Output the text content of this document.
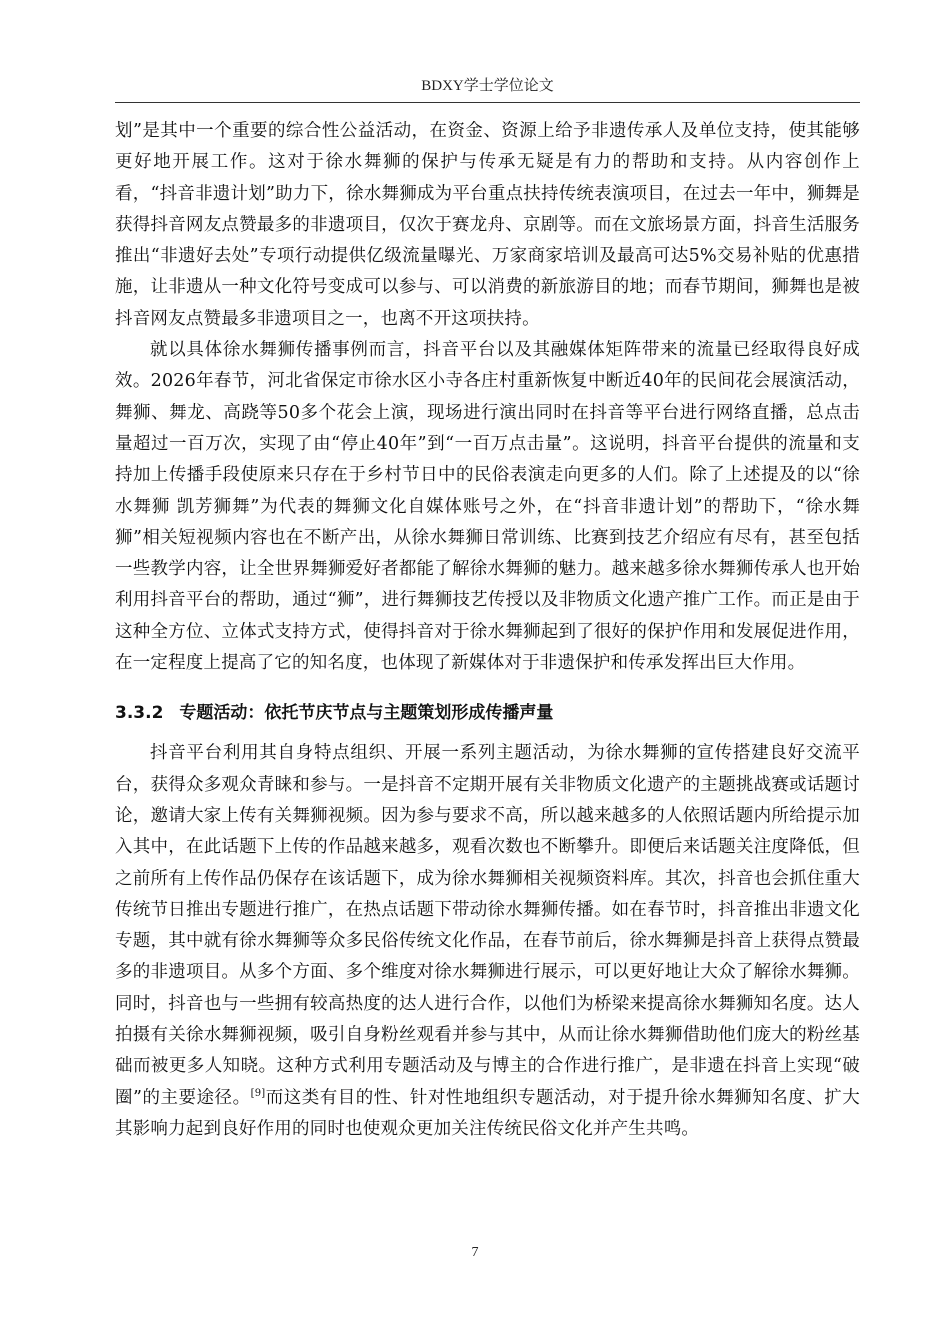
BDXY学士学位论文

划”是其中一个重要的综合性公益活动，在资金、资源上给予非遗传承人及单位支持，使其能够更好地开展工作。这对于徐水舞狮的保护与传承无疑是有力的帮助和支持。从内容创作上看，“抖音非遗计划”助力下，徐水舞狮成为平台重点扶持传统表演项目，在过去一年中，狮舞是获得抖音网友点赞最多的非遗项目，仅次于赛龙舟、京剧等。而在文旅场景方面，抖音生活服务推出“非遗好去处”专项行动提供亿级流量曝光、万家商家培训及最高可达5%交易补贴的优惠措施，让非遗从一种文化符号变成可以参与、可以消费的新旅游目的地；而春节期间，狮舞也是被抖音网友点赞最多非遗项目之一，也离不开这项扶持。

就以具体徐水舞狮传播事例而言，抖音平台以及其融媒体矩阵带来的流量已经取得良好成效。2026年春节，河北省保定市徐水区小寺各庄村重新恢复中断近40年的民间花会展演活动，舞狮、舞龙、高跷等50多个花会上演，现场进行演出同时在抖音等平台进行网络直播，总点击量超过一百万次，实现了由“停止40年”到“一百万点击量”。这说明，抖音平台提供的流量和支持加上传播手段使原来只存在于乡村节日中的民俗表演走向更多的人们。除了上述提及的以“徐水舞狮 凯芳狮舞”为代表的舞狮文化自媒体账号之外，在“抖音非遗计划”的帮助下，“徐水舞狮”相关短视频内容也在不断产出，从徐水舞狮日常训练、比赛到技艺介绍应有尽有，甚至包括一些教学内容，让全世界舞狮爱好者都能了解徐水舞狮的魅力。越来越多徐水舞狮传承人也开始利用抖音平台的帮助，通过“狮”，进行舞狮技艺传授以及非物质文化遗产推广工作。而正是由于这种全方位、立体式支持方式，使得抖音对于徐水舞狮起到了很好的保护作用和发展促进作用，在一定程度上提高了它的知名度，也体现了新媒体对于非遗保护和传承发挥出巨大作用。

3.3.2 专题活动：依托节庆节点与主题策划形成传播声量

抖音平台利用其自身特点组织、开展一系列主题活动，为徐水舞狮的宣传搭建良好交流平台，获得众多观众青睐和参与。一是抖音不定期开展有关非物质文化遗产的主题挑战赛或话题讨论，邀请大家上传有关舞狮视频。因为参与要求不高，所以越来越多的人依照话题内所给提示加入其中，在此话题下上传的作品越来越多，观看次数也不断攀升。即便后来话题关注度降低，但之前所有上传作品仍保存在该话题下，成为徐水舞狮相关视频资料库。其次，抖音也会抓住重大传统节日推出专题进行推广，在热点话题下带动徐水舞狮传播。如在春节时，抖音推出非遗文化专题，其中就有徐水舞狮等众多民俗传统文化作品，在春节前后，徐水舞狮是抖音上获得点赞最多的非遗项目。从多个方面、多个维度对徐水舞狮进行展示，可以更好地让大众了解徐水舞狮。同时，抖音也与一些拥有较高热度的达人进行合作，以他们为桥梁来提高徐水舞狮知名度。达人拍摄有关徐水舞狮视频，吸引自身粉丝观看并参与其中，从而让徐水舞狮借助他们庞大的粉丝基础而被更多人知晓。这种方式利用专题活动及与博主的合作进行推广，是非遗在抖音上实现“破圈”的主要途径。[9]而这类有目的性、针对性地组织专题活动，对于提升徐水舞狮知名度、扩大其影响力起到良好作用的同时也使观众更加关注传统民俗文化并产生共鸣。

7
